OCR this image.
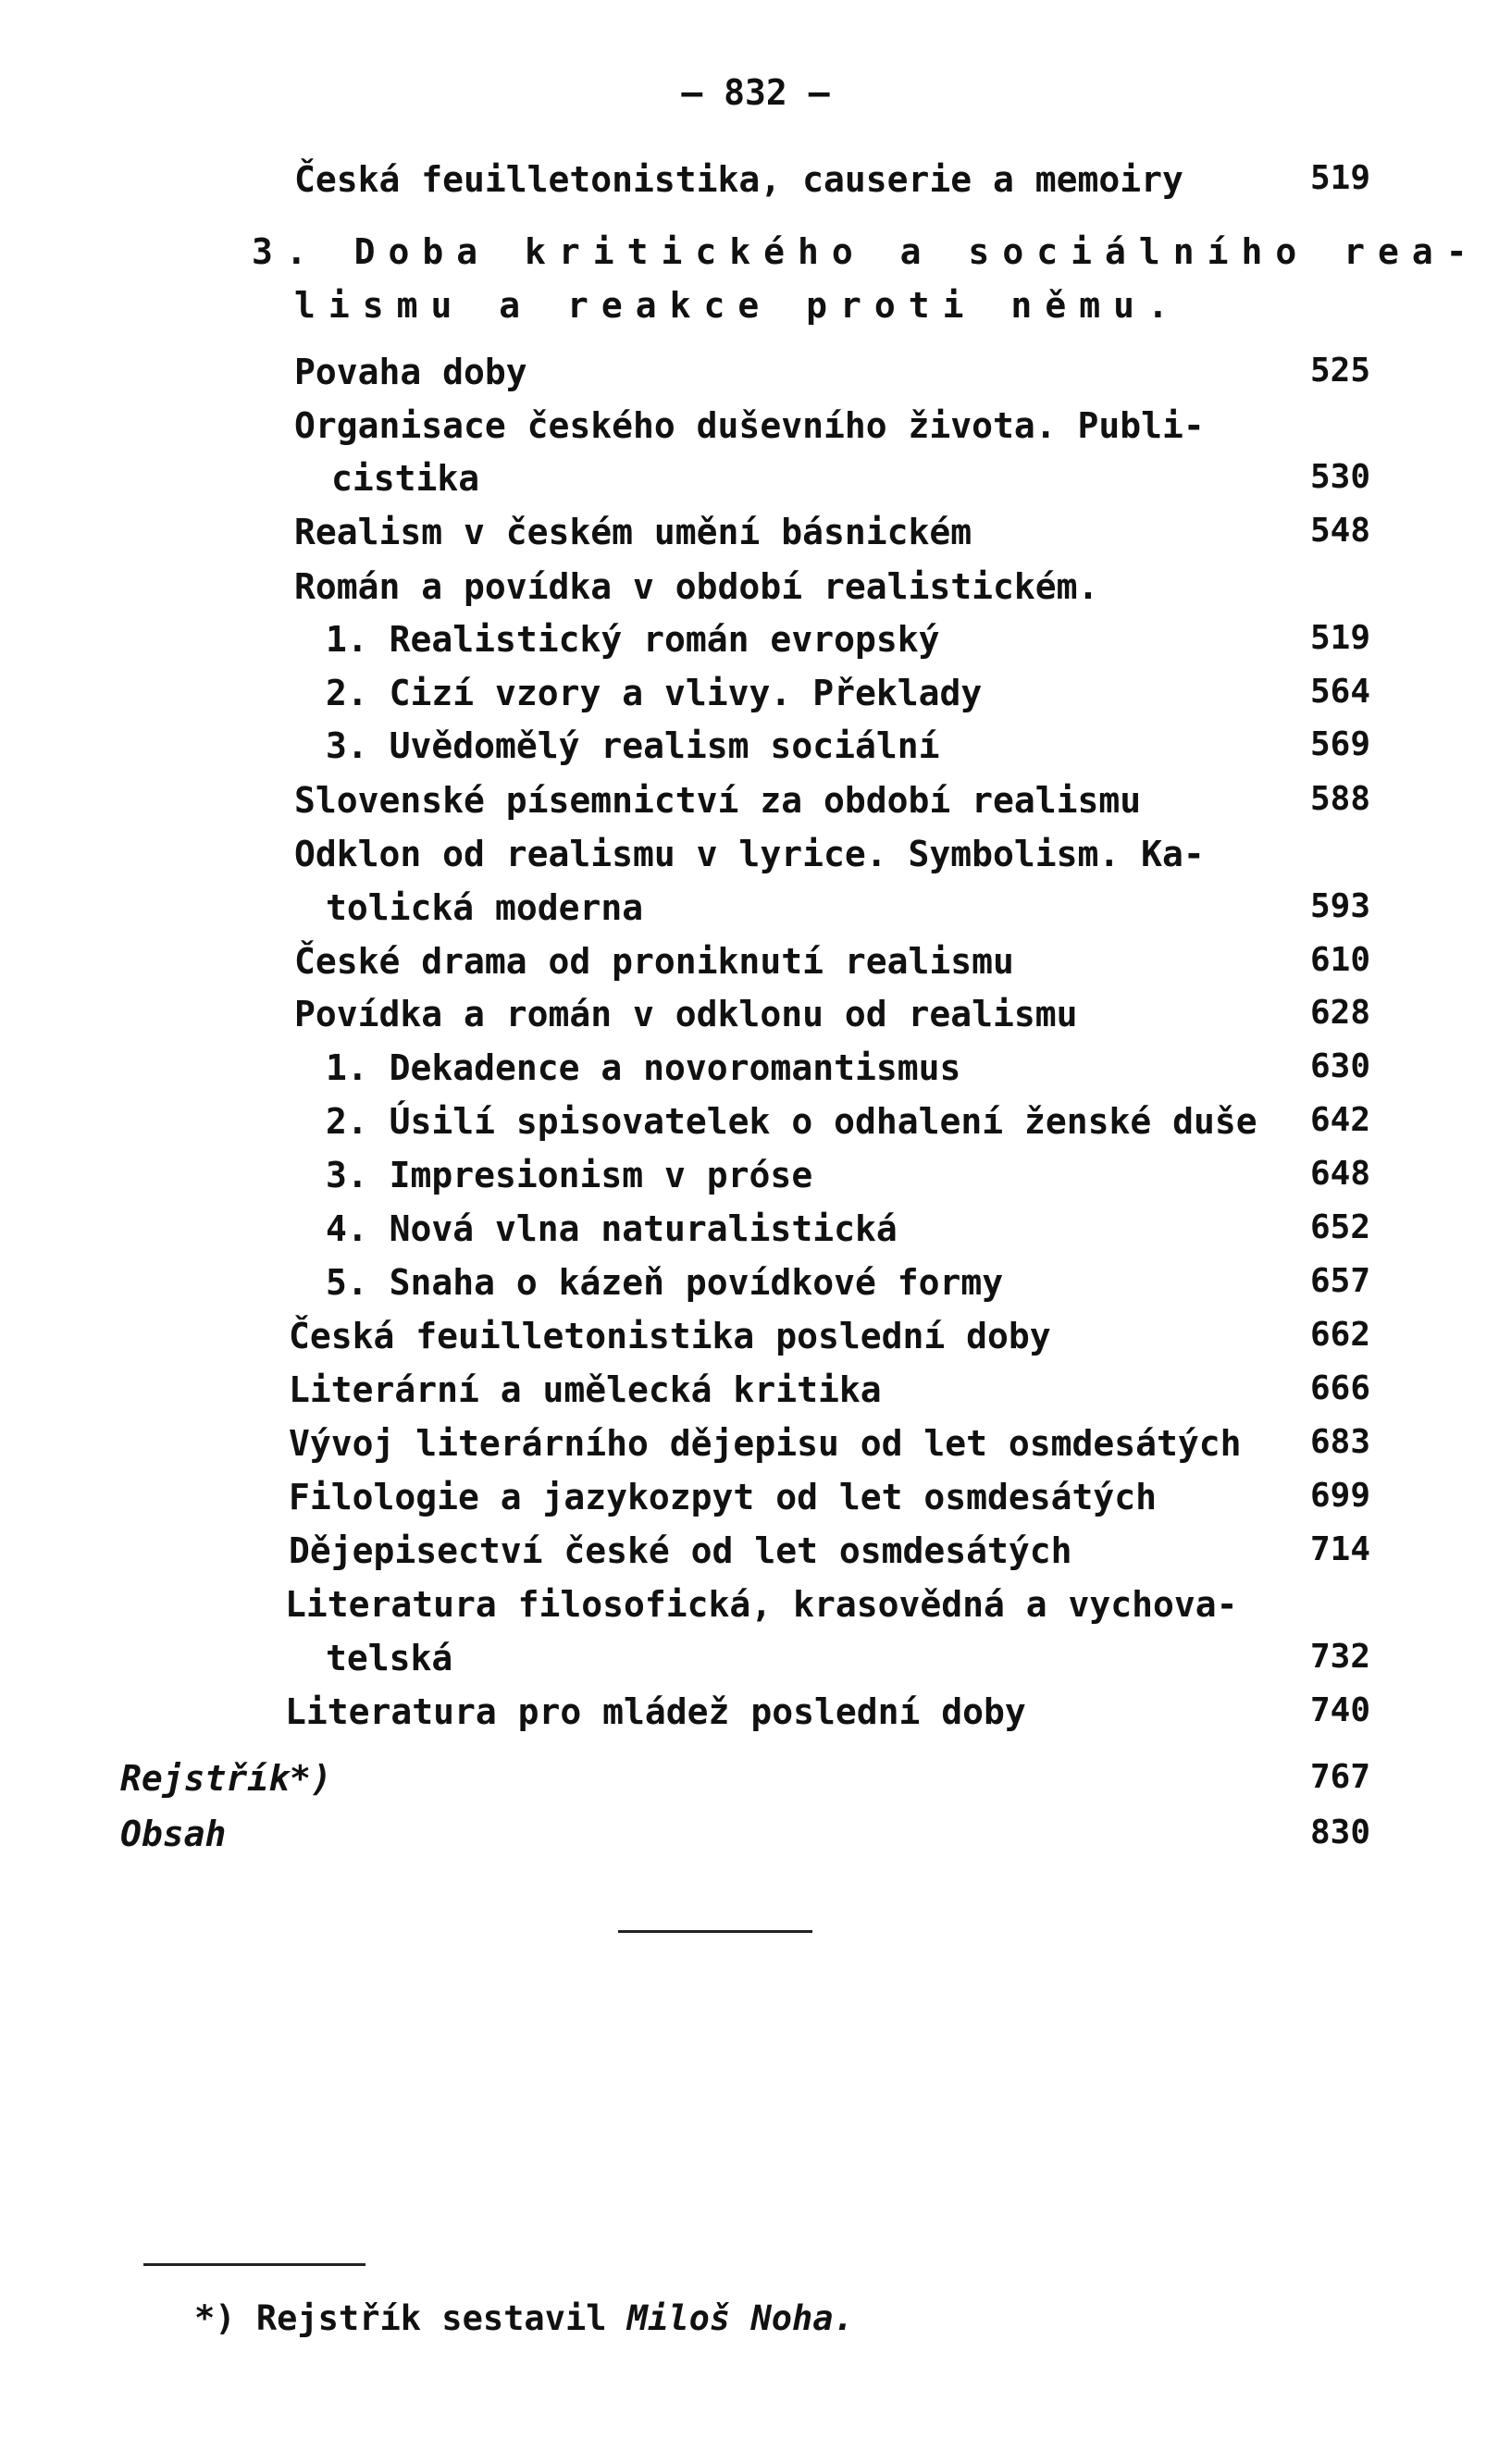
— 832 —
Česká feuilletonistika, causerie a memoiry
3. Doba kritického a sociálního rea-
lismu a reakce proti němu.
Povaha doby
Organisace českého duševního života. Publi-
cistika
Realism v českém umění básnickém
Román a povídka v období realistickém.
1. Realistický román evropský
2. Cizí vzory a vlivy. Překlady
3. Uvědomělý realism sociální
Slovenské písemnictví za období realismu
Odklon od realismu v lyrice. Symbolism. Ka-
tolická moderna
České drama od proniknutí realismu
Povídka a román v odklonu od realismu
1. Dekadence a novoromantismus
2. Úsilí spisovatelek o odhalení ženské duše
3. Impresionism v próse
4. Nová vlna naturalistická
5. Snaha o kázeň povídkové formy
Česká feuilletonistika poslední doby
Literární a umělecká kritika
Vývoj literárního dějepisu od let osmdesátých
Filologie a jazykozpyt od let osmdesátých
Dějepisectví české od let osmdesátých
Literatura filosofická, krasovědná a vychova-
telská
Literatura pro mládež poslední doby
Rejstřík*)
Obsah
519
525
530
548
519
564
569
588
593
610
628
630
642
648
652
657
662
666
683
699
714
732
740
767
830
*) Rejstřík sestavil Miloš Noha.
